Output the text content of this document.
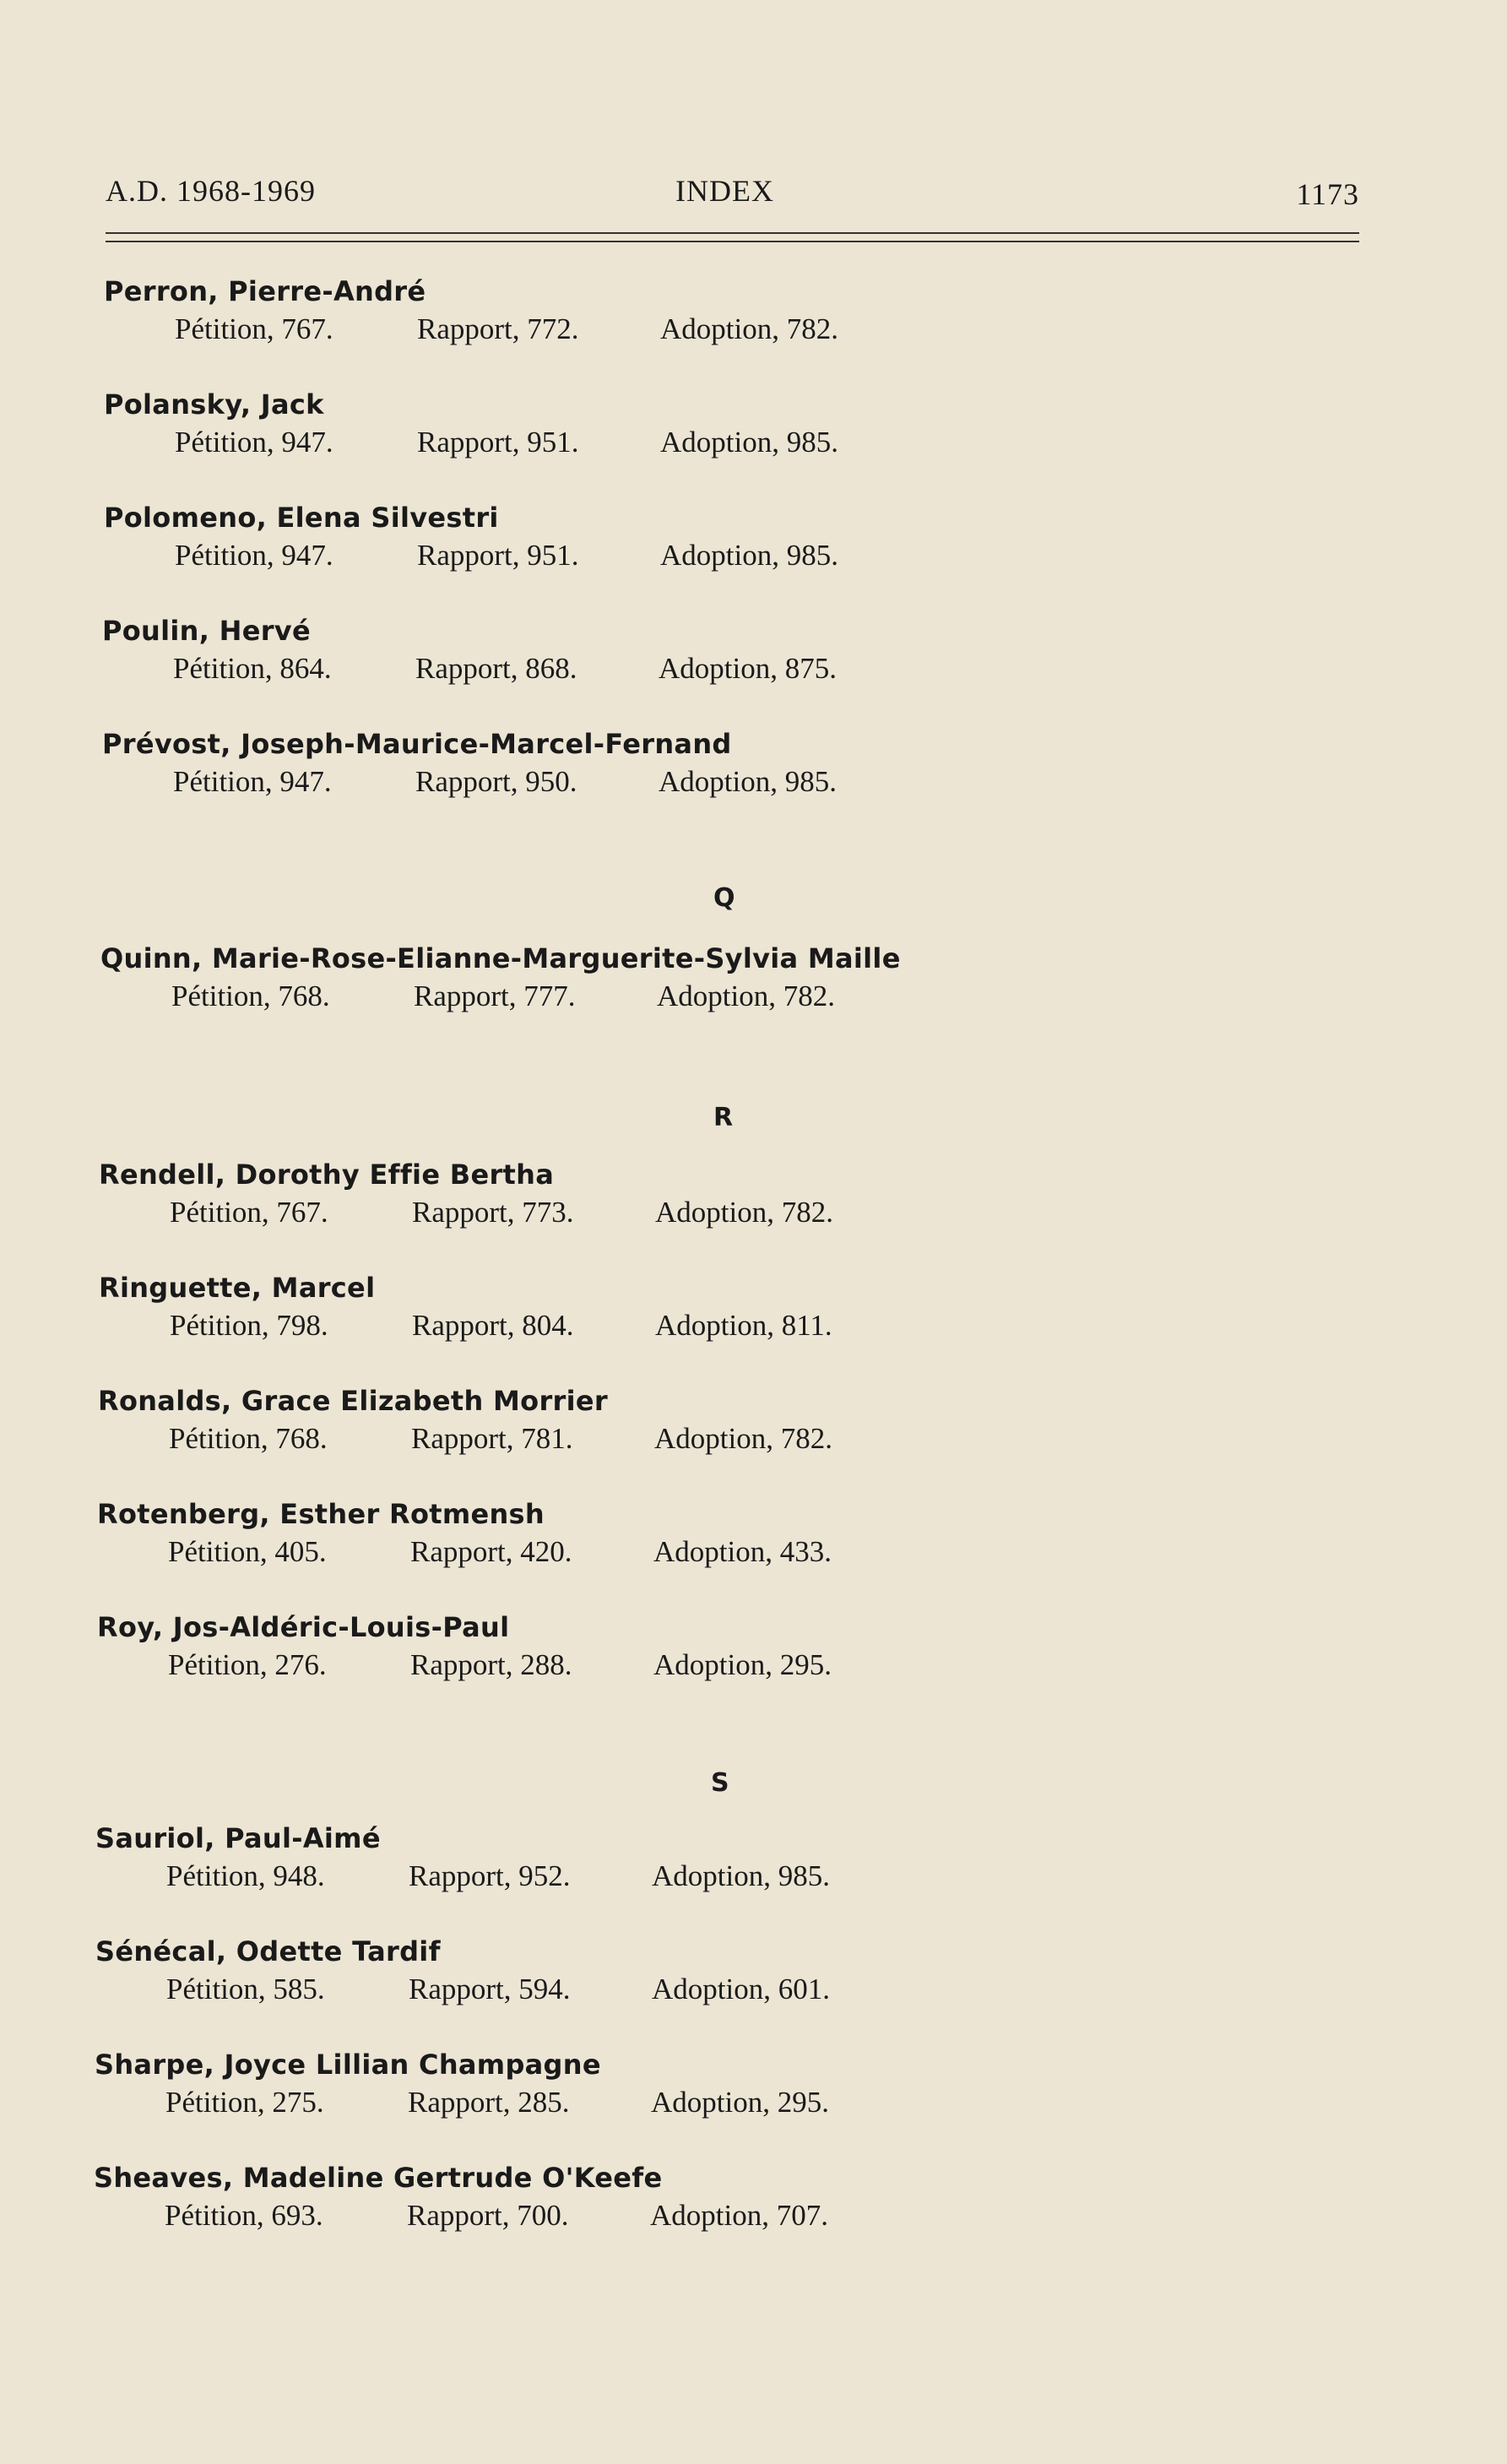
A.D. 1968-1969	INDEX	1173
Q
R
S
Perron, Pierre-André
Pétition, 767.	Rapport, 772.	Adoption, 782.
Polansky, Jack
Pétition, 947.	Rapport, 951.	Adoption, 985.
Polomeno, Elena Silvestri
Pétition, 947.	Rapport, 951.	Adoption, 985.
Poulin, Hervé
Pétition, 864.	Rapport, 868.	Adoption, 875.
Prévost, Joseph-Maurice-Marcel-Fernand
Pétition, 947.	Rapport, 950.	Adoption, 985.
Quinn, Marie-Rose-Elianne-Marguerite-Sylvia Maille
Pétition, 768.	Rapport, 777.	Adoption, 782.
Rendell, Dorothy Effie Bertha
Pétition, 767.	Rapport, 773.	Adoption, 782.
Ringuette, Marcel
Pétition, 798.	Rapport, 804.	Adoption, 811.
Ronalds, Grace Elizabeth Morrier
Pétition, 768.	Rapport, 781.	Adoption, 782.
Rotenberg, Esther Rotmensh
Pétition, 405.	Rapport, 420.	Adoption, 433.
Roy, Jos-Aldéric-Louis-Paul
Pétition, 276.	Rapport, 288.	Adoption, 295.
Sauriol, Paul-Aimé
Pétition, 948.	Rapport, 952.	Adoption, 985.
Sénécal, Odette Tardif
Pétition, 585.	Rapport, 594.	Adoption, 601.
Sharpe, Joyce Lillian Champagne
Pétition, 275.	Rapport, 285.	Adoption, 295.
Sheaves, Madeline Gertrude O'Keefe
Pétition, 693.	Rapport, 700.	Adoption, 707.
